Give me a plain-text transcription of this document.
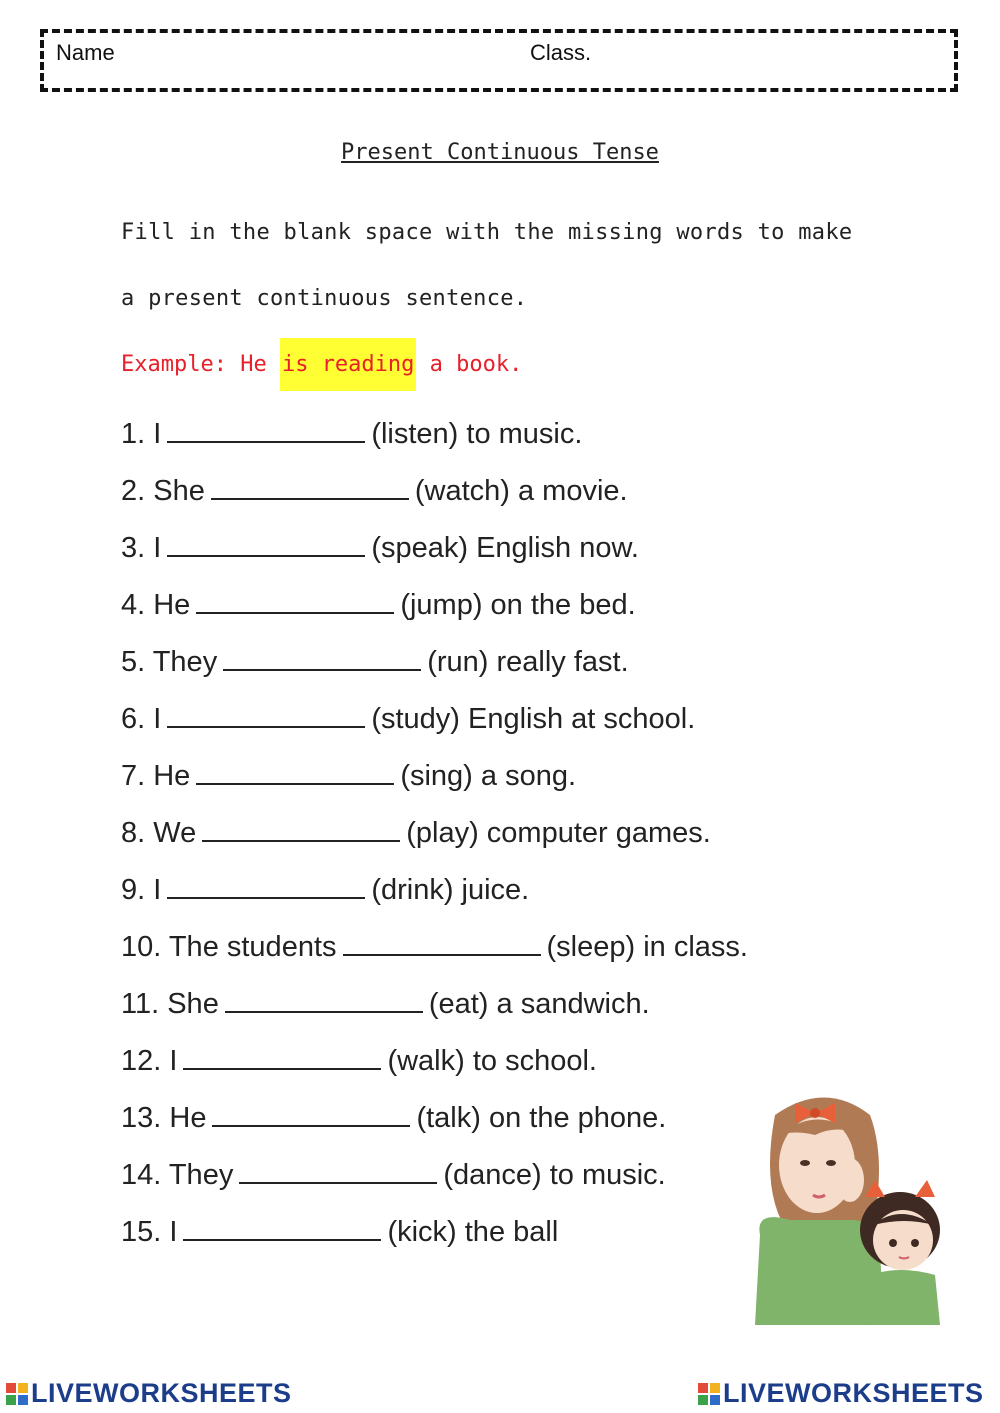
Name	Class.
Present Continuous Tense
Fill in the blank space with the missing words to make
a present continuous sentence.
Example: He is reading a book.
1. I	(listen) to music.
2. She	(watch) a movie.
3. I	(speak) English now.
4. He	(jump) on the bed.
5. They	(run) really fast.
6. I	(study) English at school.
7. He	(sing) a song.
8. We	(play) computer games.
9. I	(drink) juice.
10. The students	(sleep) in class.
11. She	(eat) a sandwich.
12. I	(walk) to school.
13. He	(talk) on the phone.
14. They	(dance) to music.
15. I	(kick) the ball
LIVEWORKSHEETS	LIVEWORKSHEETS
